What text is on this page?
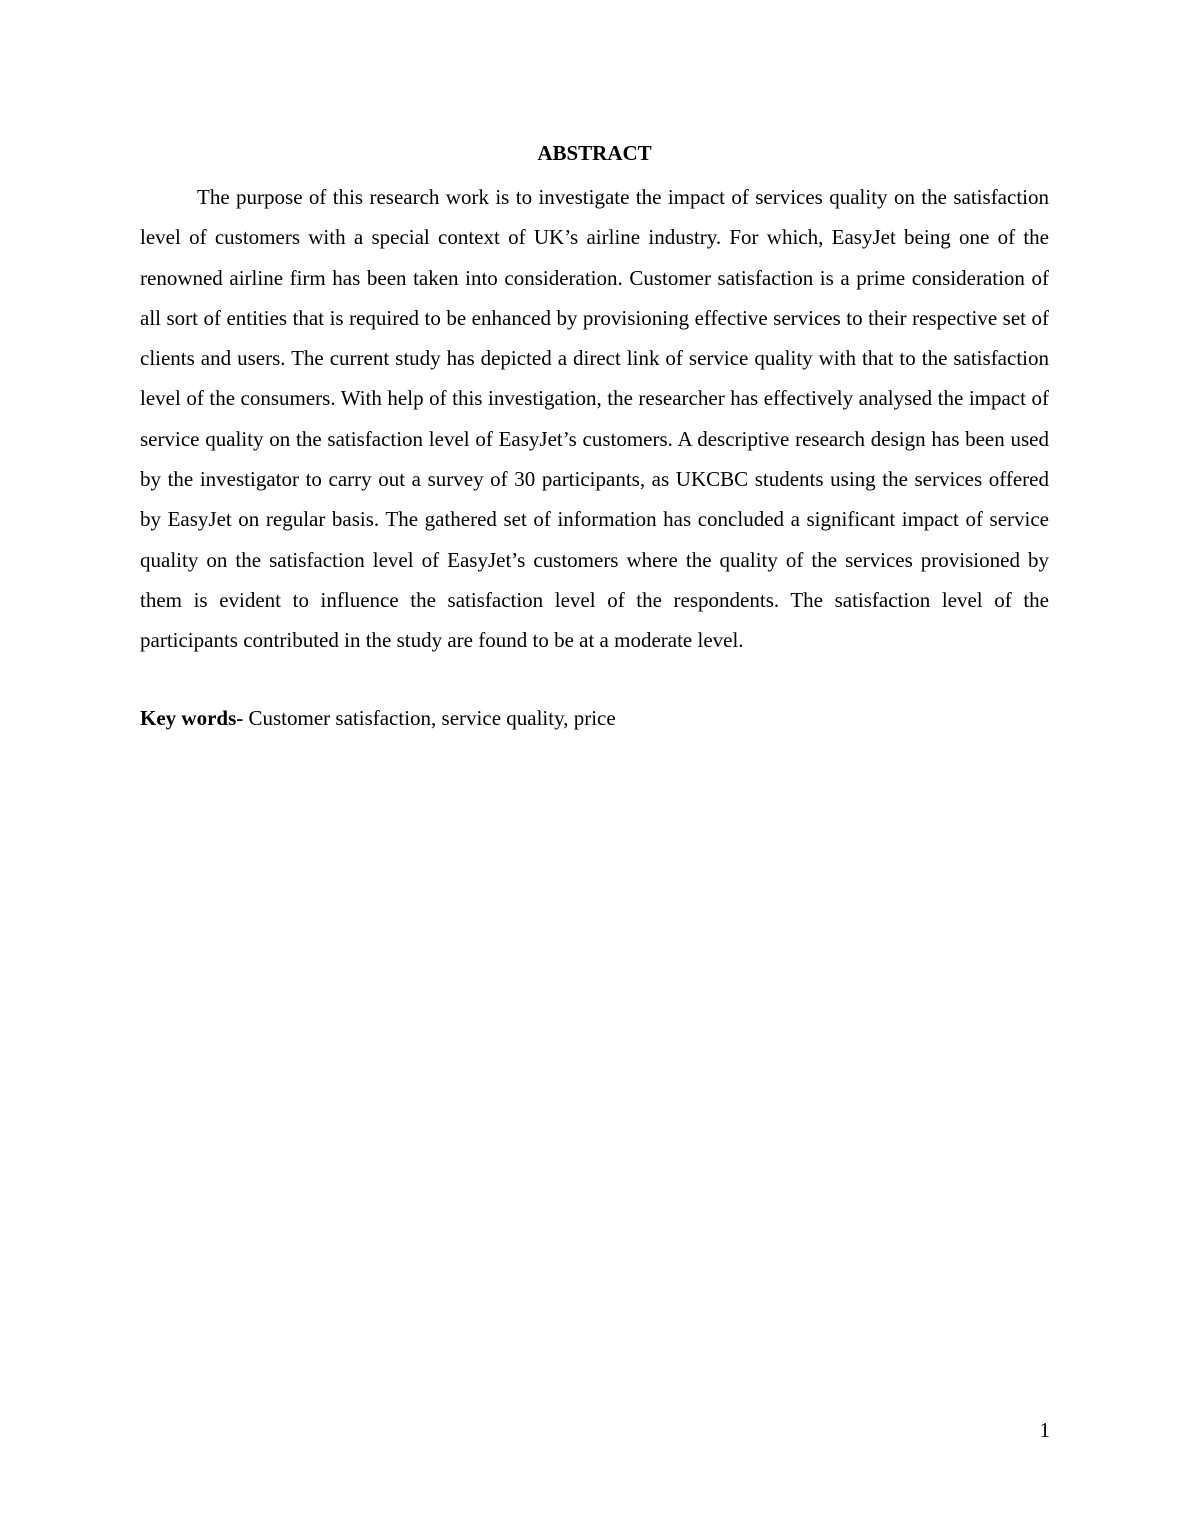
ABSTRACT

The purpose of this research work is to investigate the impact of services quality on the satisfaction level of customers with a special context of UK’s airline industry. For which, EasyJet being one of the renowned airline firm has been taken into consideration. Customer satisfaction is a prime consideration of all sort of entities that is required to be enhanced by provisioning effective services to their respective set of clients and users. The current study has depicted a direct link of service quality with that to the satisfaction level of the consumers. With help of this investigation, the researcher has effectively analysed the impact of service quality on the satisfaction level of EasyJet’s customers. A descriptive research design has been used by the investigator to carry out a survey of 30 participants, as UKCBC students using the services offered by EasyJet on regular basis. The gathered set of information has concluded a significant impact of service quality on the satisfaction level of EasyJet’s customers where the quality of the services provisioned by them is evident to influence the satisfaction level of the respondents. The satisfaction level of the participants contributed in the study are found to be at a moderate level.

Key words- Customer satisfaction, service quality, price

1
